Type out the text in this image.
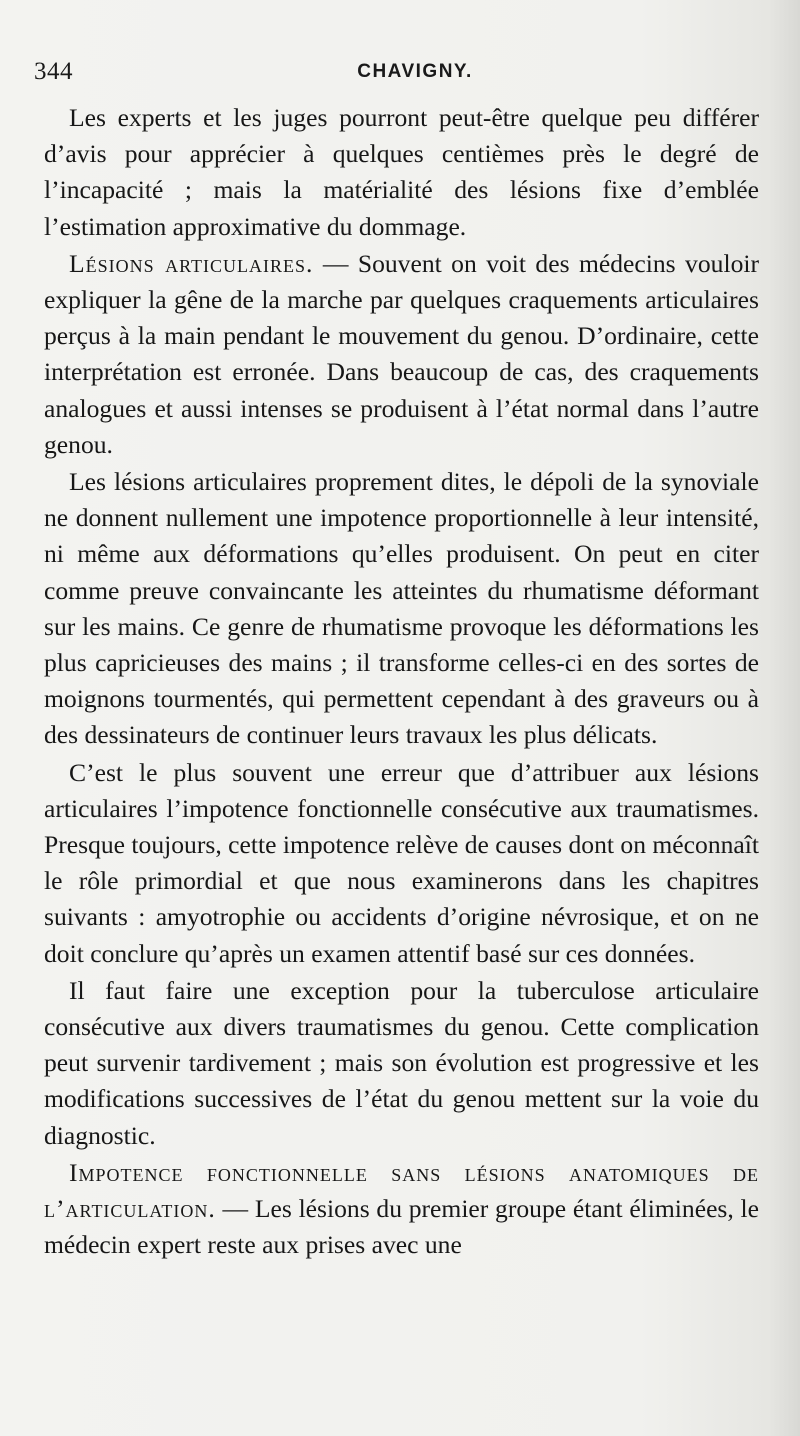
344	CHAVIGNY.

Les experts et les juges pourront peut-être quelque peu différer d’avis pour apprécier à quelques centièmes près le degré de l’incapacité ; mais la matérialité des lésions fixe d’emblée l’estimation approximative du dommage.

Lésions articulaires. — Souvent on voit des médecins vouloir expliquer la gêne de la marche par quelques craquements articulaires perçus à la main pendant le mouvement du genou. D’ordinaire, cette interprétation est erronée. Dans beaucoup de cas, des craquements analogues et aussi intenses se produisent à l’état normal dans l’autre genou.

Les lésions articulaires proprement dites, le dépoli de la synoviale ne donnent nullement une impotence proportionnelle à leur intensité, ni même aux déformations qu’elles produisent. On peut en citer comme preuve convaincante les atteintes du rhumatisme déformant sur les mains. Ce genre de rhumatisme provoque les déformations les plus capricieuses des mains ; il transforme celles-ci en des sortes de moignons tourmentés, qui permettent cependant à des graveurs ou à des dessinateurs de continuer leurs travaux les plus délicats.

C’est le plus souvent une erreur que d’attribuer aux lésions articulaires l’impotence fonctionnelle consécutive aux traumatismes. Presque toujours, cette impotence relève de causes dont on méconnaît le rôle primordial et que nous examinerons dans les chapitres suivants : amyotrophie ou accidents d’origine névrosique, et on ne doit conclure qu’après un examen attentif basé sur ces données.

Il faut faire une exception pour la tuberculose articulaire consécutive aux divers traumatismes du genou. Cette complication peut survenir tardivement ; mais son évolution est progressive et les modifications successives de l’état du genou mettent sur la voie du diagnostic.

Impotence fonctionnelle sans lésions anatomiques de l’articulation. — Les lésions du premier groupe étant éliminées, le médecin expert reste aux prises avec une
